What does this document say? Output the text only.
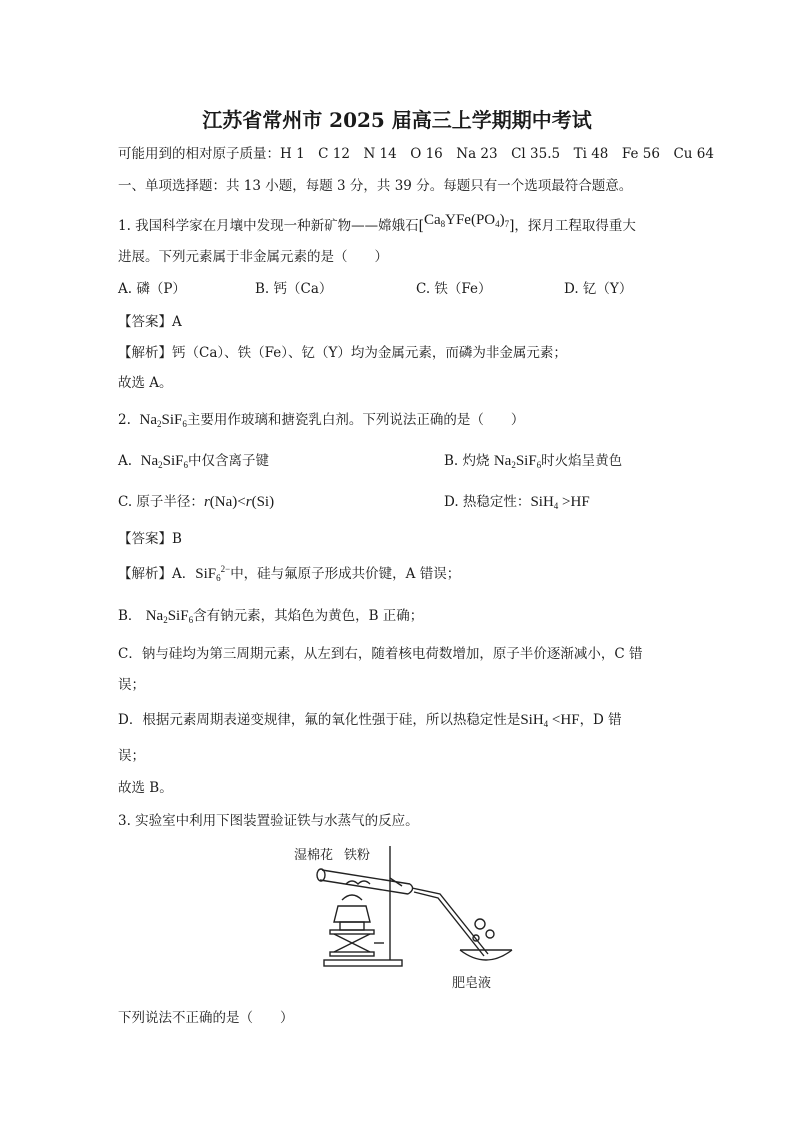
江苏省常州市 2025 届高三上学期期中考试
可能用到的相对原子质量：H 1　C 12　N 14　O 16　Na 23　Cl 35.5　Ti 48　Fe 56　Cu 64
一、单项选择题：共 13 小题，每题 3 分，共 39 分。每题只有一个选项最符合题意。
1. 我国科学家在月壤中发现一种新矿物——嫦娥石$[Ca_8YFe(PO_4)_7]$，探月工程取得重大
进展。下列元素属于非金属元素的是（　　）
A. 磷（P）	B. 钙（Ca）	C. 铁（Fe）	D. 钇（Y）
【答案】A
【解析】钙（Ca）、铁（Fe）、钇（Y）均为金属元素，而磷为非金属元素；
故选 A。
2. $Na_2SiF_6$主要用作玻璃和搪瓷乳白剂。下列说法正确的是（　　）
A. $Na_2SiF_6$中仅含离子键	B. 灼烧 $Na_2SiF_6$时火焰呈黄色
C. 原子半径：r(Na)<r(Si)	D. 热稳定性：SiH$_4$ >HF
【答案】B
【解析】A．SiF$_6^{2-}$中，硅与氟原子形成共价键，A 错误；
B． $Na_2SiF_6$含有钠元素，其焰色为黄色，B 正确；
C．钠与硅均为第三周期元素，从左到右，随着核电荷数增加，原子半价逐渐减小，C 错
误；
D．根据元素周期表递变规律，氟的氧化性强于硅，所以热稳定性是SiH$_4$ <HF，D 错
误；
故选 B。
3. 实验室中利用下图装置验证铁与水蒸气的反应。
湿棉花 铁粉
肥皂液
下列说法不正确的是（　　）
